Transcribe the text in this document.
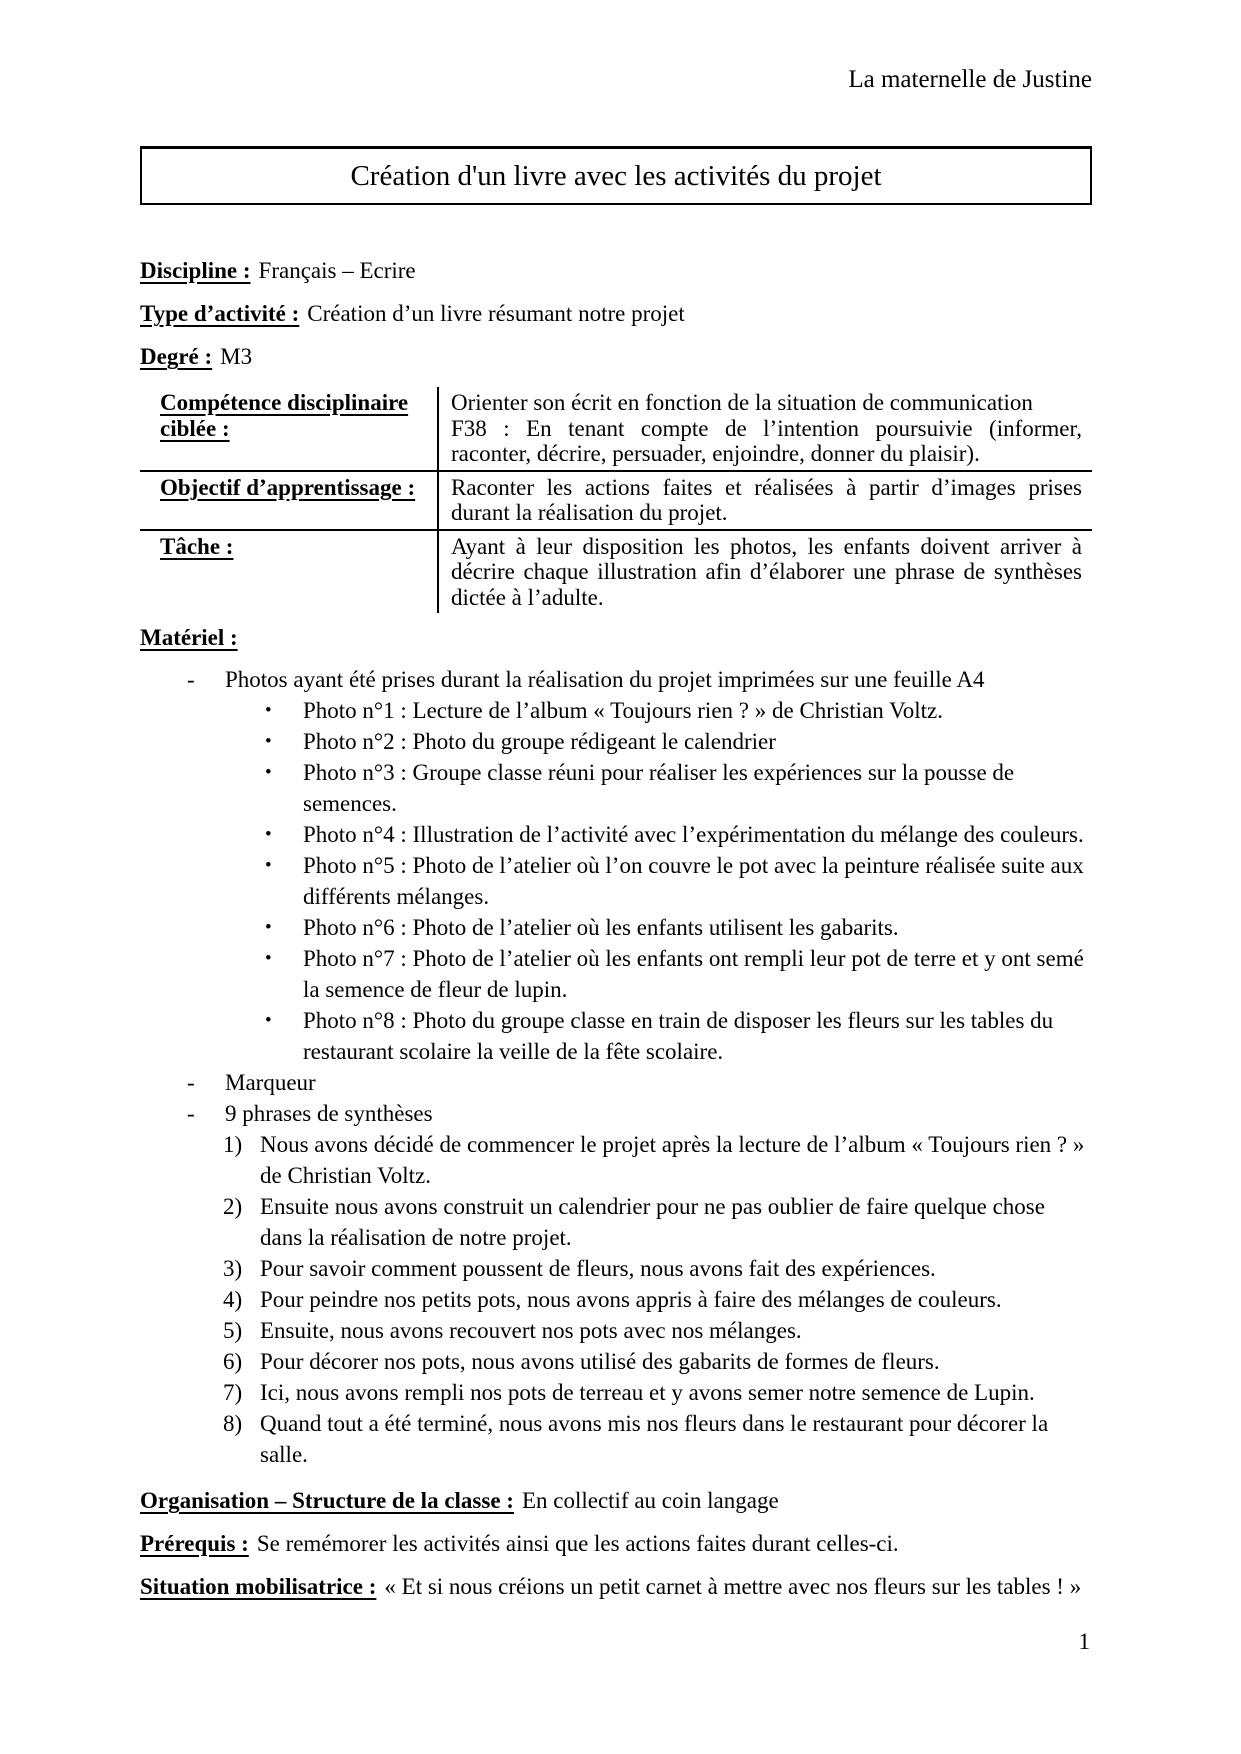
La maternelle de Justine
Création d'un livre avec les activités du projet
Discipline : Français – Ecrire
Type d’activité : Création d’un livre résumant notre projet
Degré : M3
Compétence disciplinaire ciblée :	Orienter son écrit en fonction de la situation de communication

F38 : En tenant compte de l’intention poursuivie (informer, raconter, décrire, persuader, enjoindre, donner du plaisir).

Objectif d’apprentissage :	Raconter les actions faites et réalisées à partir d’images prises durant la réalisation du projet.

Tâche :	Ayant à leur disposition les photos, les enfants doivent arriver à décrire chaque illustration afin d’élaborer une phrase de synthèses dictée à l’adulte.

Matériel :
-	Photos ayant été prises durant la réalisation du projet imprimées sur une feuille A4
•	Photo n°1 : Lecture de l’album « Toujours rien ? » de Christian Voltz.
•	Photo n°2 : Photo du groupe rédigeant le calendrier
•	Photo n°3 : Groupe classe réuni pour réaliser les expériences sur la pousse de semences.
•	Photo n°4 : Illustration de l’activité avec l’expérimentation du mélange des couleurs.
•	Photo n°5 : Photo de l’atelier où l’on couvre le pot avec la peinture réalisée suite aux différents mélanges.
•	Photo n°6 : Photo de l’atelier où les enfants utilisent les gabarits.
•	Photo n°7 : Photo de l’atelier où les enfants ont rempli leur pot de terre et y ont semé la semence de fleur de lupin.
•	Photo n°8 : Photo du groupe classe en train de disposer les fleurs sur les tables du restaurant scolaire la veille de la fête scolaire.
-	Marqueur
-	9 phrases de synthèses
1) Nous avons décidé de commencer le projet après la lecture de l’album « Toujours rien ? » de Christian Voltz.
2) Ensuite nous avons construit un calendrier pour ne pas oublier de faire quelque chose dans la réalisation de notre projet.
3) Pour savoir comment poussent de fleurs, nous avons fait des expériences.
4) Pour peindre nos petits pots, nous avons appris à faire des mélanges de couleurs.
5) Ensuite, nous avons recouvert nos pots avec nos mélanges.
6) Pour décorer nos pots, nous avons utilisé des gabarits de formes de fleurs.
7) Ici, nous avons rempli nos pots de terreau et y avons semer notre semence de Lupin.
8) Quand tout a été terminé, nous avons mis nos fleurs dans le restaurant pour décorer la salle.
Organisation – Structure de la classe : En collectif au coin langage
Prérequis : Se remémorer les activités ainsi que les actions faites durant celles-ci.
Situation mobilisatrice : « Et si nous créions un petit carnet à mettre avec nos fleurs sur les tables ! »
1
